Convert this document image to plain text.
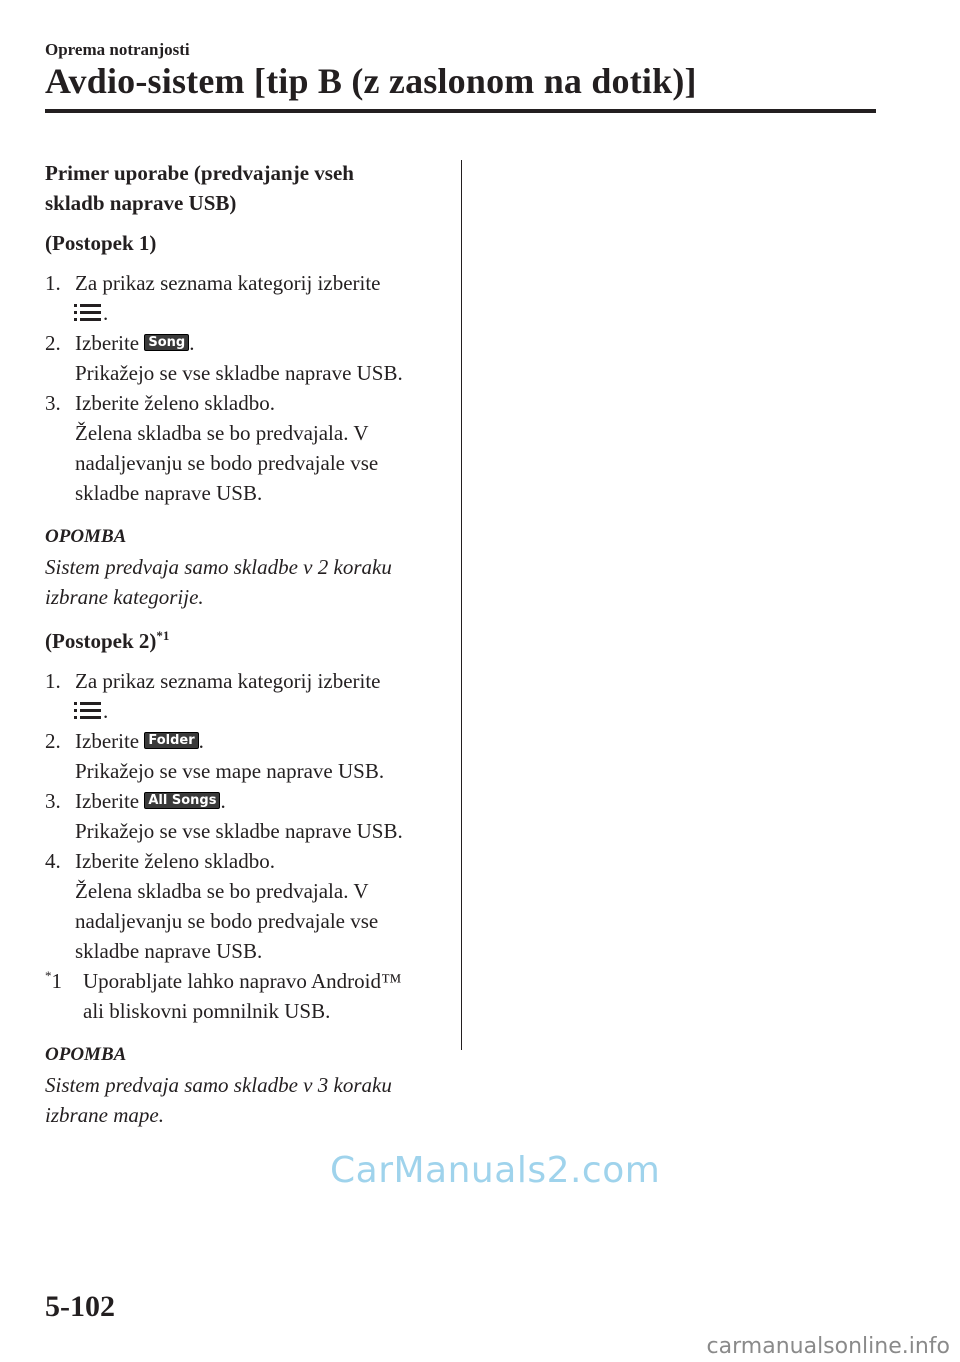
Oprema notranjosti
Avdio-sistem [tip B (z zaslonom na dotik)]
Primer uporabe (predvajanje vseh
skladb naprave USB)
(Postopek 1)
1. Za prikaz seznama kategorij izberite
.
2. Izberite Song .
Prikažejo se vse skladbe naprave USB.
3. Izberite želeno skladbo.
Želena skladba se bo predvajala. V
nadaljevanju se bodo predvajale vse
skladbe naprave USB.
OPOMBA
Sistem predvaja samo skladbe v 2 koraku
izbrane kategorije.
(Postopek 2)$^{*1}$
1. Za prikaz seznama kategorij izberite
.
2. Izberite Folder .
Prikažejo se vse mape naprave USB.
3. Izberite All Songs .
Prikažejo se vse skladbe naprave USB.
4. Izberite želeno skladbo.
Želena skladba se bo predvajala. V
nadaljevanju se bodo predvajale vse
skladbe naprave USB.
*1	Uporabljate lahko napravo Android™
ali bliskovni pomnilnik USB.
OPOMBA
Sistem predvaja samo skladbe v 3 koraku
izbrane mape.
CarManuals2.com
5-102
carmanualsonline.info
